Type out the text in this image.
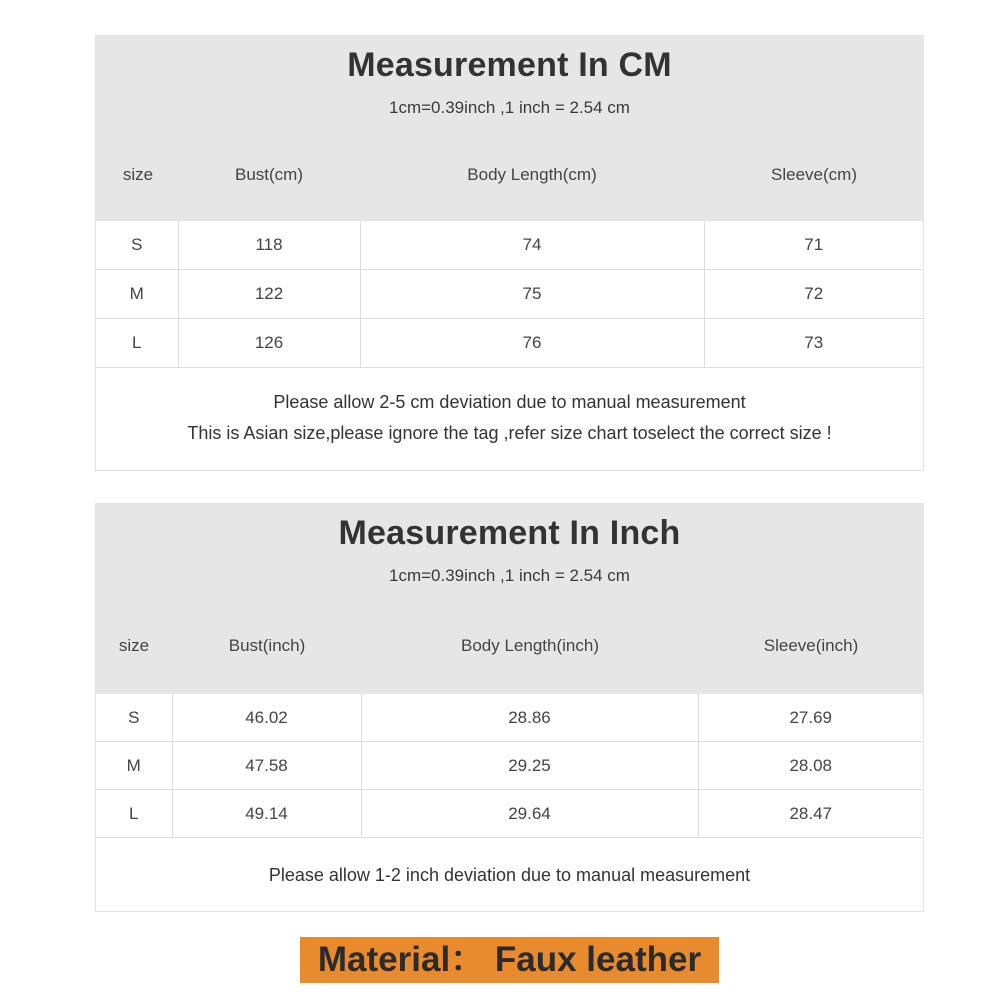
Measurement In CM
1cm=0.39inch ,1 inch = 2.54 cm
size	Bust(cm)	Body Length(cm)	Sleeve(cm)
S	118	74	71
M	122	75	72
L	126	76	73
Please allow 2-5 cm deviation due to manual measurement
This is Asian size,please ignore the tag ,refer size chart toselect the correct size !
Measurement In Inch
1cm=0.39inch ,1 inch = 2.54 cm
size	Bust(inch)	Body Length(inch)	Sleeve(inch)
S	46.02	28.86	27.69
M	47.58	29.25	28.08
L	49.14	29.64	28.47
Please allow 1-2 inch deviation due to manual measurement
Material： Faux leather
